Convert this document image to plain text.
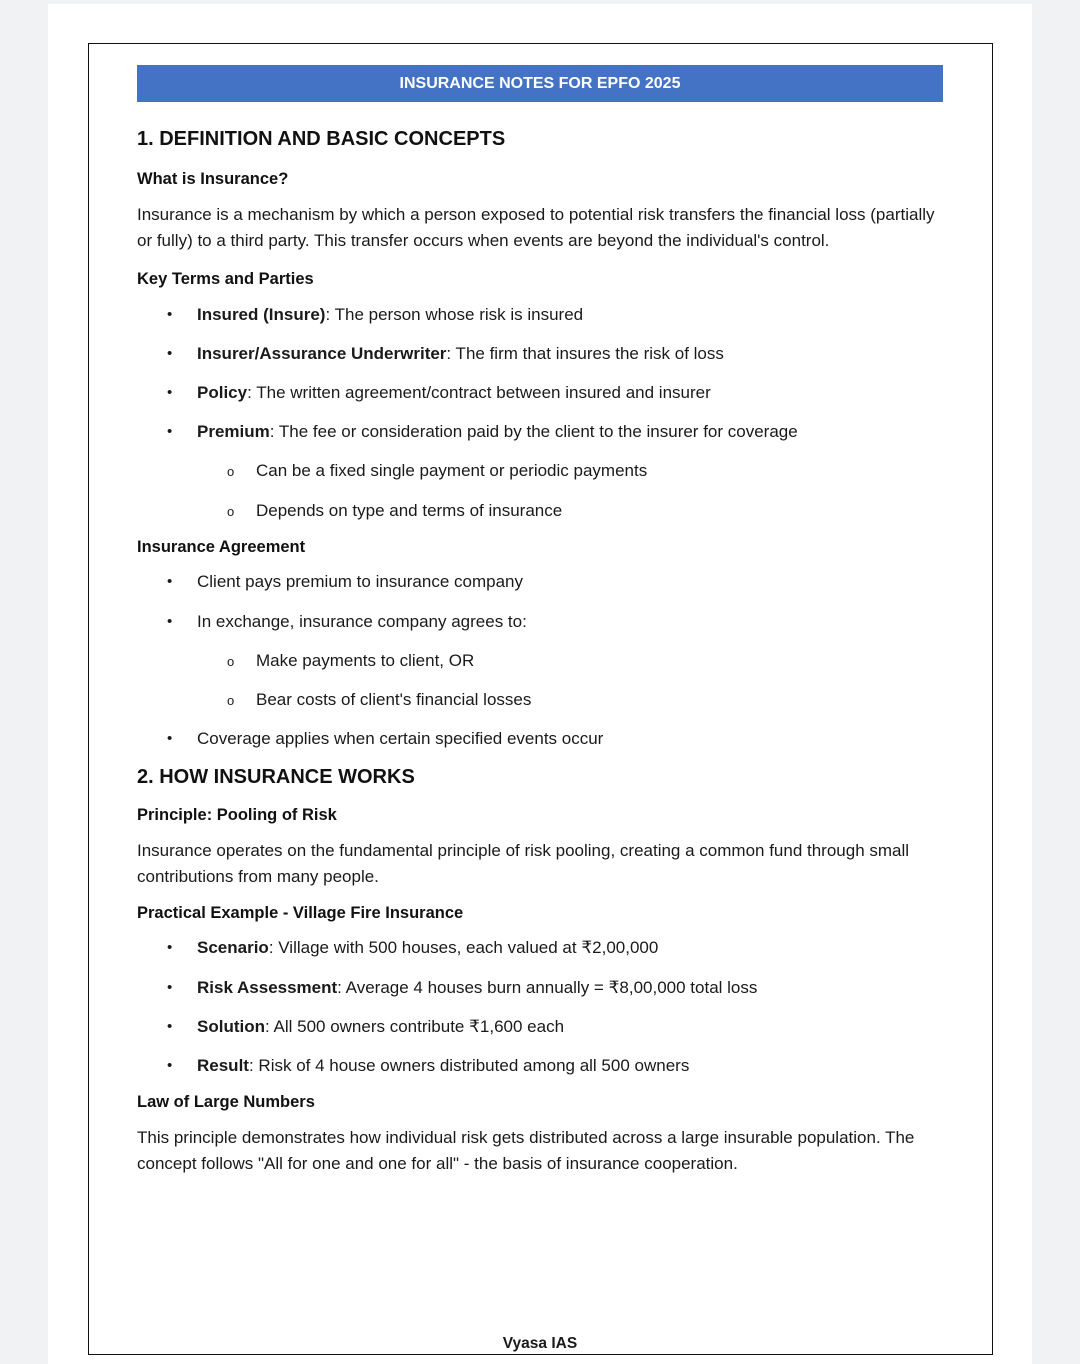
INSURANCE NOTES FOR EPFO 2025
1. DEFINITION AND BASIC CONCEPTS
What is Insurance?

Insurance is a mechanism by which a person exposed to potential risk transfers the financial loss (partially or fully) to a third party. This transfer occurs when events are beyond the individual's control.

Key Terms and Parties
•	Insured (Insure): The person whose risk is insured
•	Insurer/Assurance Underwriter: The firm that insures the risk of loss
•	Policy: The written agreement/contract between insured and insurer
•	Premium: The fee or consideration paid by the client to the insurer for coverage
o	Can be a fixed single payment or periodic payments
o	Depends on type and terms of insurance
Insurance Agreement
•	Client pays premium to insurance company
•	In exchange, insurance company agrees to:
o	Make payments to client, OR
o	Bear costs of client's financial losses
•	Coverage applies when certain specified events occur
2. HOW INSURANCE WORKS
Principle: Pooling of Risk

Insurance operates on the fundamental principle of risk pooling, creating a common fund through small contributions from many people.

Practical Example - Village Fire Insurance
•	Scenario: Village with 500 houses, each valued at ₹2,00,000
•	Risk Assessment: Average 4 houses burn annually = ₹8,00,000 total loss
•	Solution: All 500 owners contribute ₹1,600 each
•	Result: Risk of 4 house owners distributed among all 500 owners
Law of Large Numbers

This principle demonstrates how individual risk gets distributed across a large insurable population. The concept follows "All for one and one for all" - the basis of insurance cooperation.

Vyasa IAS
